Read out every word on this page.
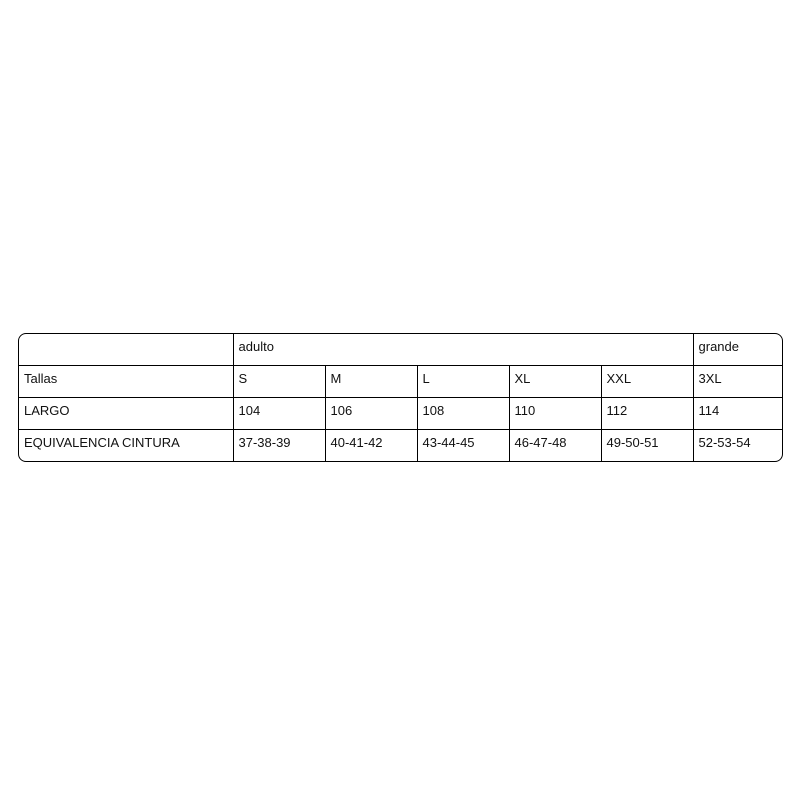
	adulto					grande
Tallas	S	M	L	XL	XXL	3XL
LARGO	104	106	108	110	112	114
EQUIVALENCIA CINTURA	37-38-39	40-41-42	43-44-45	46-47-48	49-50-51	52-53-54
